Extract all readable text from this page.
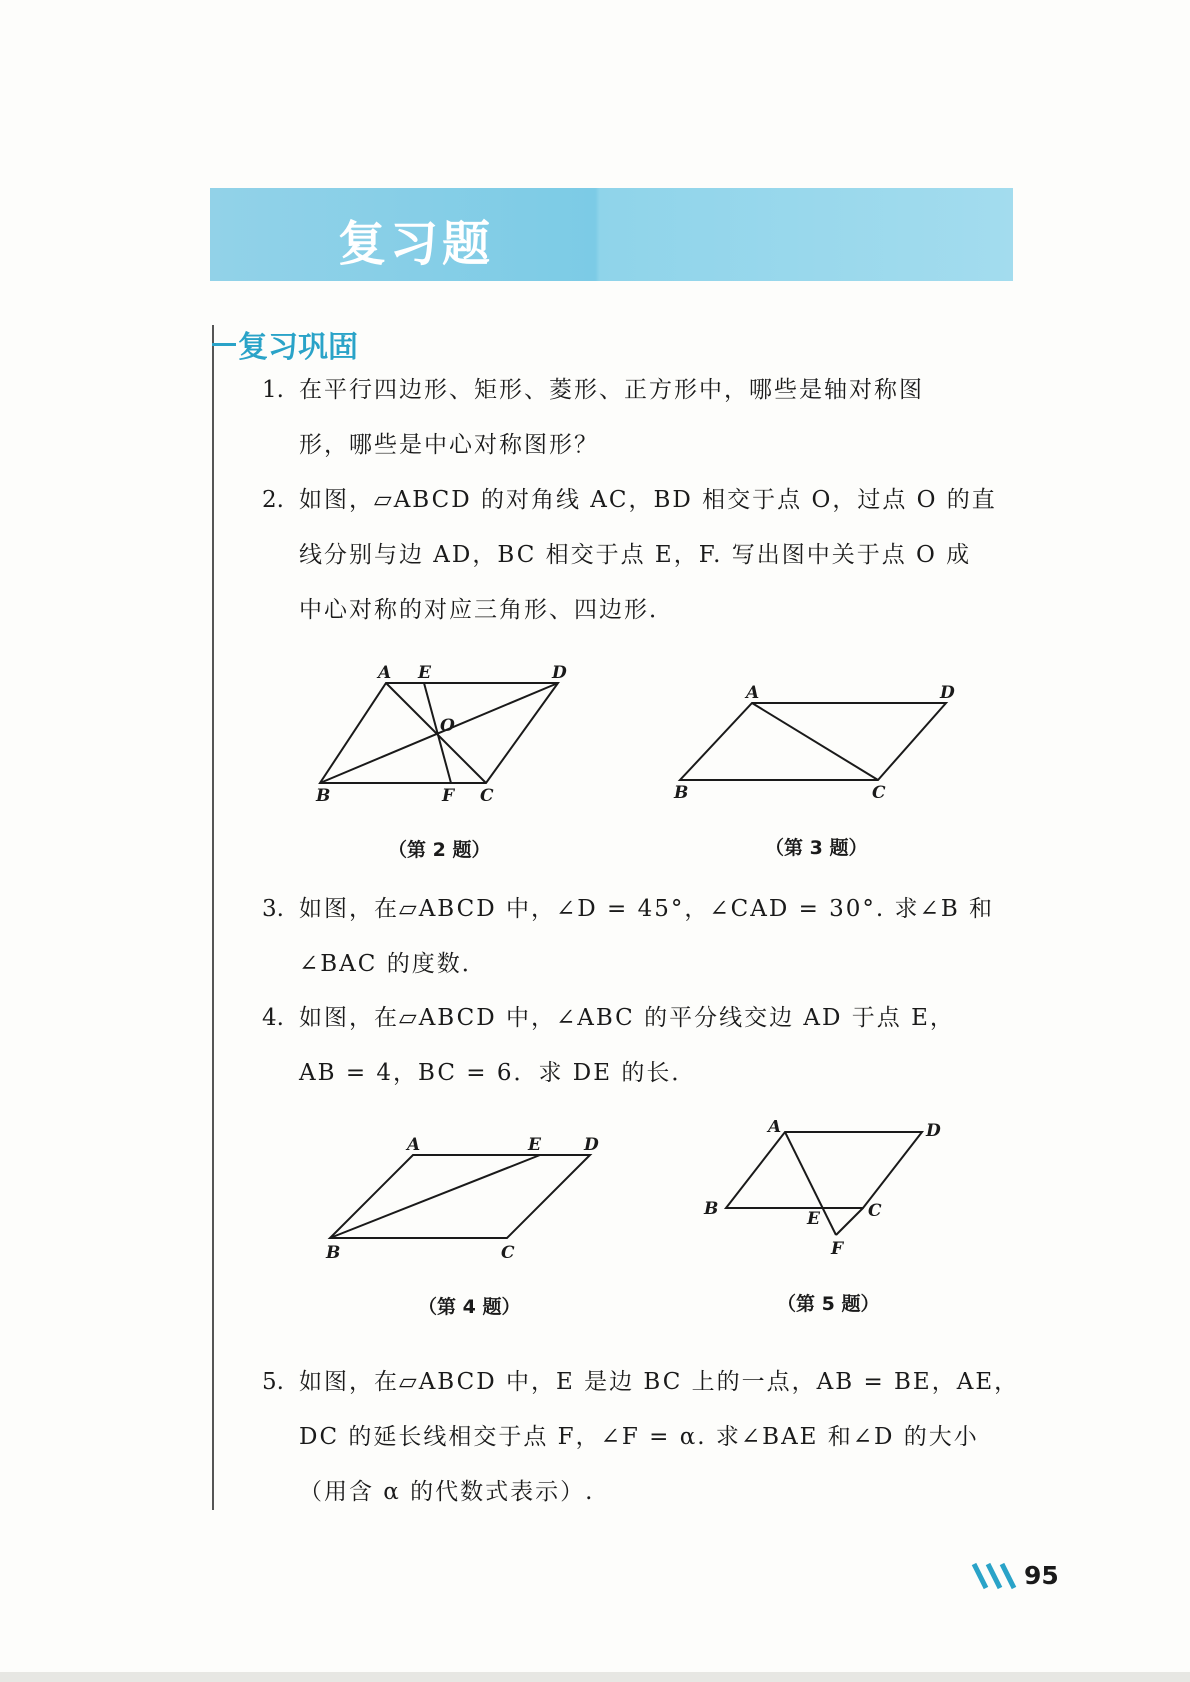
复习题
复习巩固
1. 在平行四边形、矩形、菱形、正方形中，哪些是轴对称图

形，哪些是中心对称图形？

2. 如图，▱ABCD 的对角线 AC，BD 相交于点 O，过点 O 的直

线分别与边 AD，BC 相交于点 E，F. 写出图中关于点 O 成

中心对称的对应三角形、四边形．

A E	D
O
B	F C
（第 2 题）
A	D
B	C
（第 3 题）
3. 如图，在▱ABCD 中，∠D = 45°，∠CAD = 30°. 求∠B 和

∠BAC 的度数．

4. 如图，在▱ABCD 中，∠ABC 的平分线交边 AD 于点 E，

AB = 4，BC = 6．求 DE 的长．

A	E	D
B	C
（第 4 题）
A	D
B	E	C
F
（第 5 题）
5. 如图，在▱ABCD 中，E 是边 BC 上的一点，AB = BE，AE，

DC 的延长线相交于点 F，∠F = α. 求∠BAE 和∠D 的大小

（用含 α 的代数式表示）.

95
